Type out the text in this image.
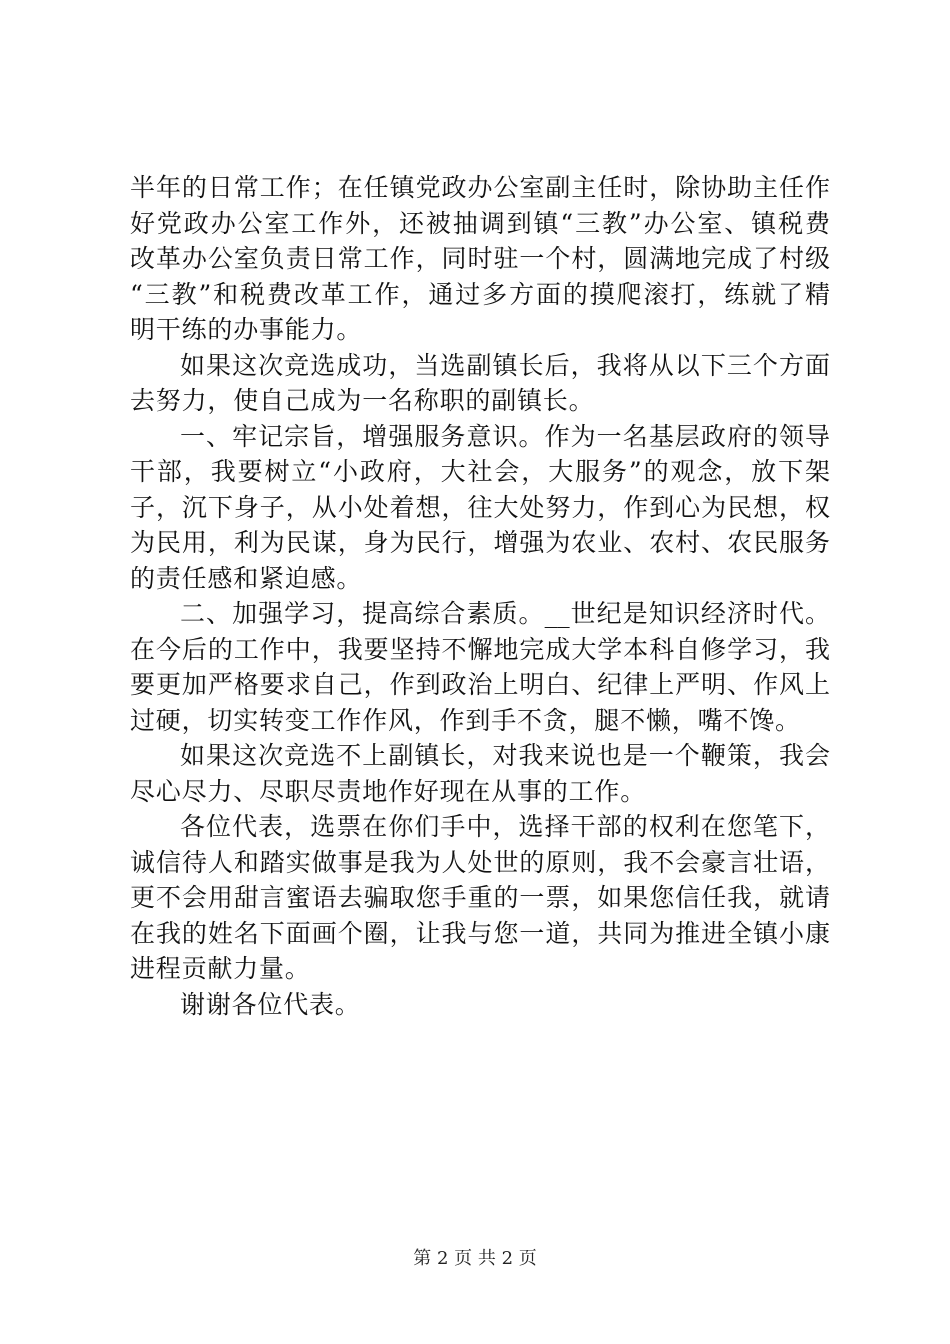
半年的日常工作；在任镇党政办公室副主任时，除协助主任作
好党政办公室工作外，还被抽调到镇“三教”办公室、镇税费
改革办公室负责日常工作，同时驻一个村，圆满地完成了村级
“三教”和税费改革工作，通过多方面的摸爬滚打，练就了精
明干练的办事能力。
如果这次竞选成功，当选副镇长后，我将从以下三个方面
去努力，使自己成为一名称职的副镇长。
一、牢记宗旨，增强服务意识。作为一名基层政府的领导
干部，我要树立“小政府，大社会，大服务”的观念，放下架
子，沉下身子，从小处着想，往大处努力，作到心为民想，权
为民用，利为民谋，身为民行，增强为农业、农村、农民服务
的责任感和紧迫感。
二、加强学习，提高综合素质。__世纪是知识经济时代。
在今后的工作中，我要坚持不懈地完成大学本科自修学习，我
要更加严格要求自己，作到政治上明白、纪律上严明、作风上
过硬，切实转变工作作风，作到手不贪，腿不懒，嘴不馋。
如果这次竞选不上副镇长，对我来说也是一个鞭策，我会
尽心尽力、尽职尽责地作好现在从事的工作。
各位代表，选票在你们手中，选择干部的权利在您笔下，
诚信待人和踏实做事是我为人处世的原则，我不会豪言壮语，
更不会用甜言蜜语去骗取您手重的一票，如果您信任我，就请
在我的姓名下面画个圈，让我与您一道，共同为推进全镇小康
进程贡献力量。
谢谢各位代表。
第 2 页 共 2 页
